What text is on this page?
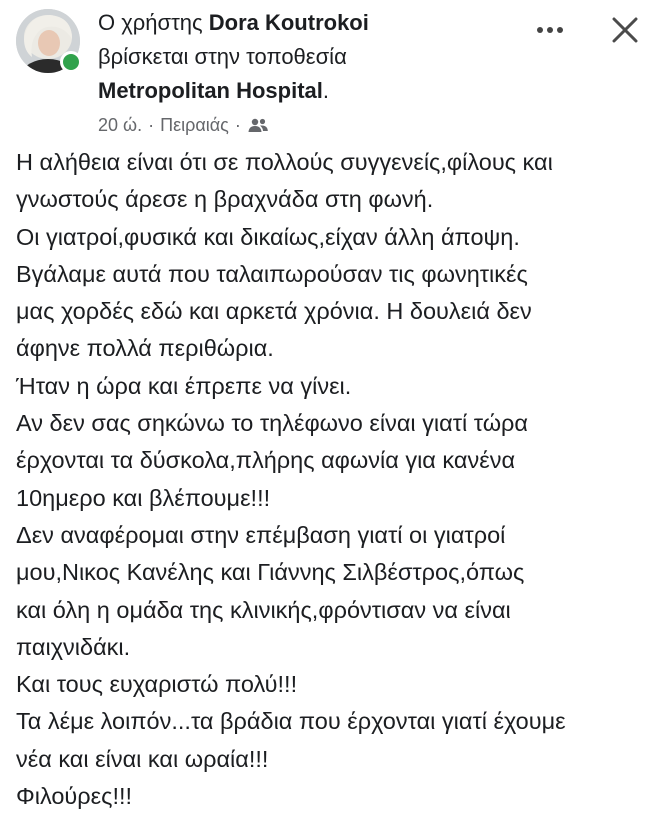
Ο χρήστης Dora Koutrokoi
βρίσκεται στην τοποθεσία
Metropolitan Hospital.
20 ώ. · Πειραιάς ·
Η αλήθεια είναι ότι σε πολλούς συγγενείς,φίλους και
γνωστούς άρεσε η βραχνάδα στη φωνή.
Οι γιατροί,φυσικά και δικαίως,είχαν άλλη άποψη.
Βγάλαμε αυτά που ταλαιπωρούσαν τις φωνητικές
μας χορδές εδώ και αρκετά χρόνια. Η δουλειά δεν
άφηνε πολλά περιθώρια.
Ήταν η ώρα και έπρεπε να γίνει.
Αν δεν σας σηκώνω το τηλέφωνο είναι γιατί τώρα
έρχονται τα δύσκολα,πλήρης αφωνία για κανένα
10ημερο και βλέπουμε!!!
Δεν αναφέρομαι στην επέμβαση γιατί οι γιατροί
μου,Νικος Κανέλης και Γιάννης Σιλβέστρος,όπως
και όλη η ομάδα της κλινικής,φρόντισαν να είναι
παιχνιδάκι.
Και τους ευχαριστώ πολύ!!!
Τα λέμε λοιπόν...τα βράδια που έρχονται γιατί έχουμε
νέα και είναι και ωραία!!!
Φιλούρες!!!
